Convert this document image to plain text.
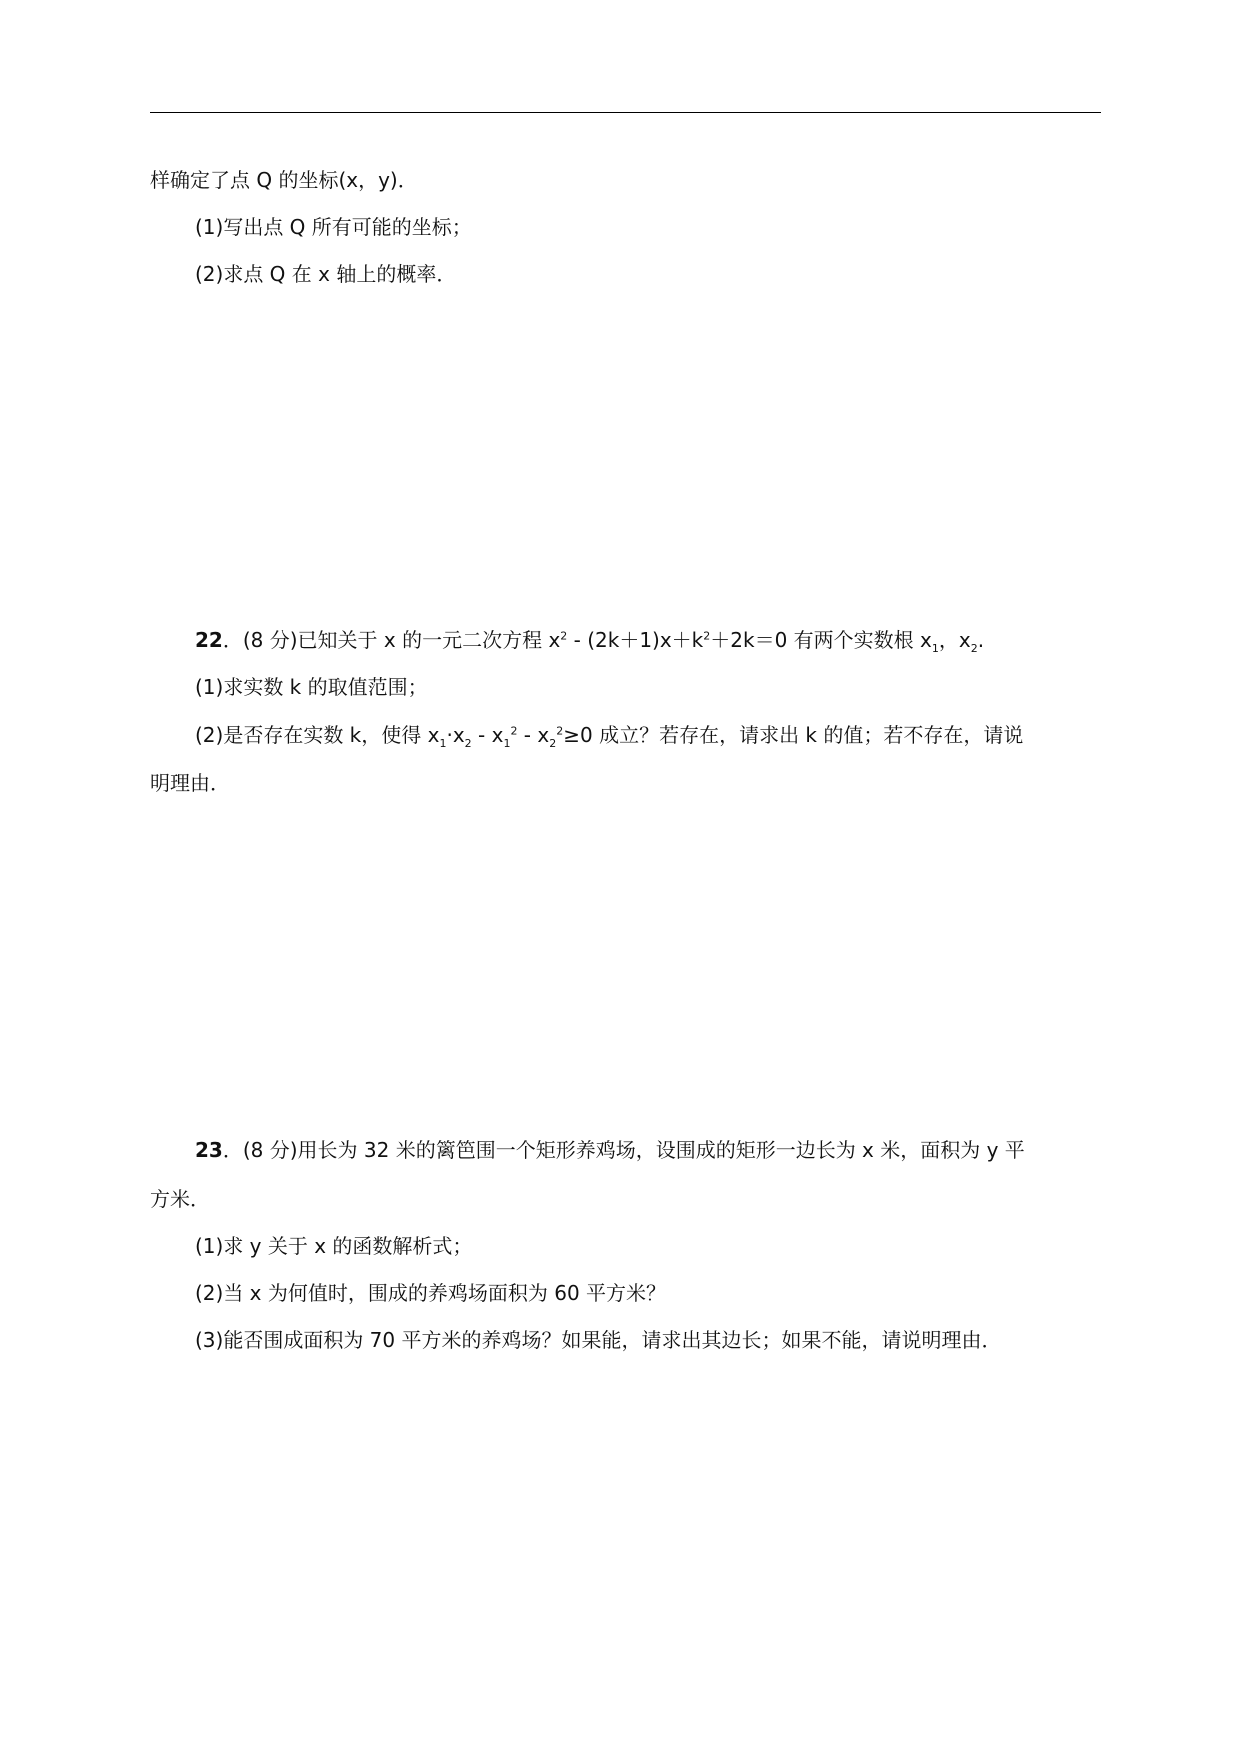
样确定了点 Q 的坐标(x，y)．
(1)写出点 Q 所有可能的坐标；
(2)求点 Q 在 x 轴上的概率．
22．(8 分)已知关于 x 的一元二次方程 $x^2 - (2k+1)x+k^2+2k=0$ 有两个实数根 $x_1$，$x_2$.
(1)求实数 k 的取值范围；
(2)是否存在实数 k，使得 $x_1\cdot x_2 - x_1^2 - x_2^2\ge 0$ 成立？若存在，请求出 k 的值；若不存在，请说
明理由．
23．(8 分)用长为 32 米的篱笆围一个矩形养鸡场，设围成的矩形一边长为 x 米，面积为 y 平
方米．
(1)求 y 关于 x 的函数解析式；
(2)当 x 为何值时，围成的养鸡场面积为 60 平方米？
(3)能否围成面积为 70 平方米的养鸡场？如果能，请求出其边长；如果不能，请说明理由．
